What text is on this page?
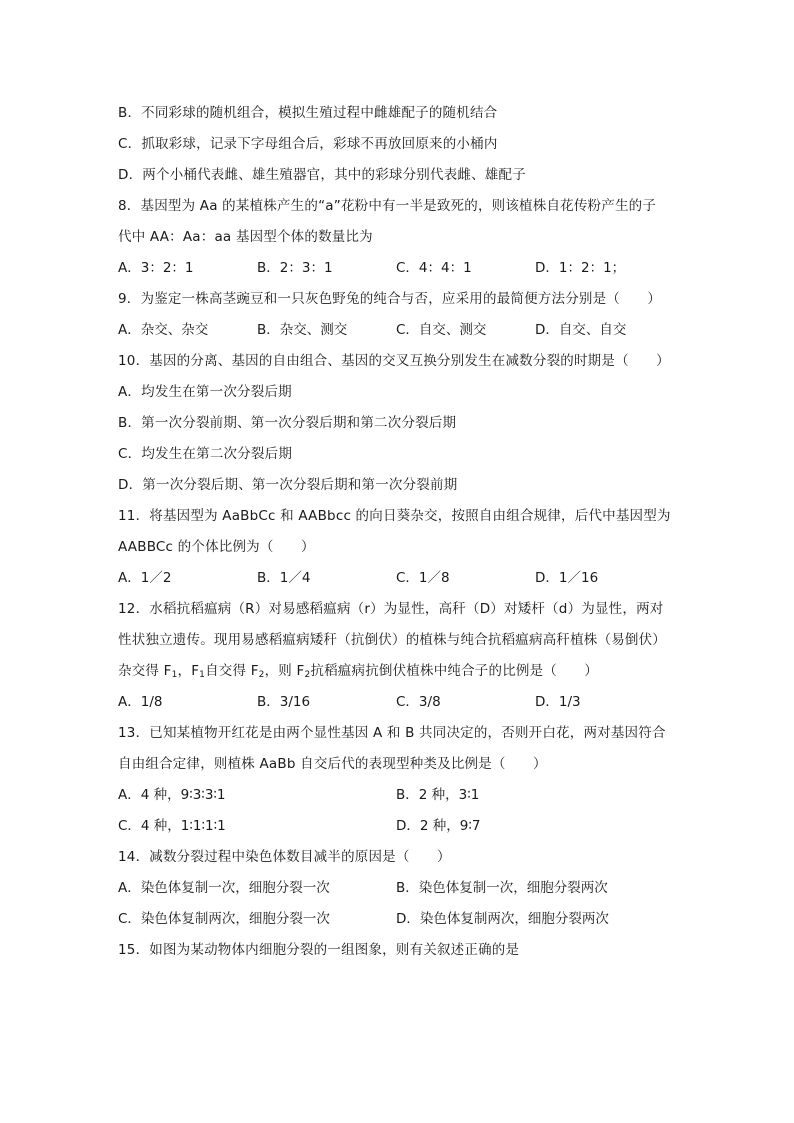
B．不同彩球的随机组合，模拟生殖过程中雌雄配子的随机结合
C．抓取彩球，记录下字母组合后，彩球不再放回原来的小桶内
D．两个小桶代表雌、雄生殖器官，其中的彩球分别代表雌、雄配子
8．基因型为 Aa 的某植株产生的“a”花粉中有一半是致死的，则该植株自花传粉产生的子
代中 AA：Aa：aa 基因型个体的数量比为
A．3：2：1	B．2：3：1	C．4：4：1	D．1：2：1；
9．为鉴定一株高茎豌豆和一只灰色野兔的纯合与否，应采用的最简便方法分别是（　　）
A．杂交、杂交	B．杂交、测交	C．自交、测交	D．自交、自交
10．基因的分离、基因的自由组合、基因的交叉互换分别发生在减数分裂的时期是（　　）
A．均发生在第一次分裂后期
B．第一次分裂前期、第一次分裂后期和第二次分裂后期
C．均发生在第二次分裂后期
D．第一次分裂后期、第一次分裂后期和第一次分裂前期
11．将基因型为 AaBbCc 和 AABbcc 的向日葵杂交，按照自由组合规律，后代中基因型为
AABBCc 的个体比例为（　　）
A．1／2	B．1／4	C．1／8	D．1／16
12．水稻抗稻瘟病（R）对易感稻瘟病（r）为显性，高秆（D）对矮杆（d）为显性，两对
性状独立遗传。现用易感稻瘟病矮秆（抗倒伏）的植株与纯合抗稻瘟病高秆植株（易倒伏）
杂交得 $F_1$，$F_1$自交得 $F_2$，则 $F_2$抗稻瘟病抗倒伏植株中纯合子的比例是（　　）
A．1/8	B．3/16	C．3/8	D．1/3
13．已知某植物开红花是由两个显性基因 A 和 B 共同决定的，否则开白花，两对基因符合
自由组合定律，则植株 AaBb 自交后代的表现型种类及比例是（　　）
A．4 种，9∶3∶3∶1	B．2 种，3∶1
C．4 种，1∶1∶1∶1	D．2 种，9∶7
14．减数分裂过程中染色体数目减半的原因是（　　）
A．染色体复制一次，细胞分裂一次	B．染色体复制一次，细胞分裂两次
C．染色体复制两次，细胞分裂一次	D．染色体复制两次，细胞分裂两次
15．如图为某动物体内细胞分裂的一组图象，则有关叙述正确的是
